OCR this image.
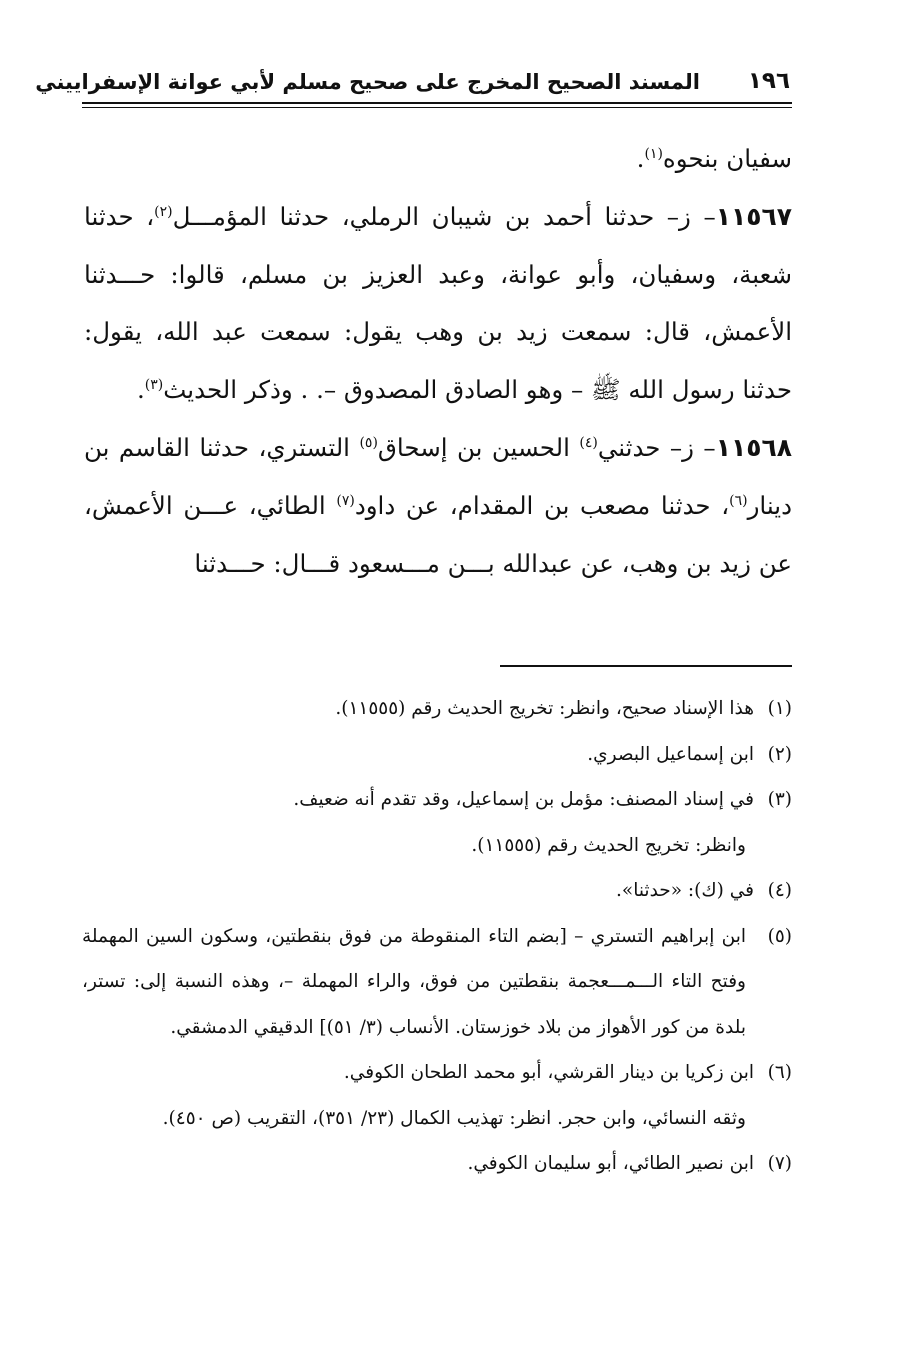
١٩٦
المسند الصحيح المخرج على صحيح مسلم لأبي عوانة الإسفراييني

سفيان بنحوه$^{(١)}$.

١١٥٦٧– ز– حدثنا أحمد بن شيبان الرملي، حدثنا المؤمـــل$^{(٢)}$، حدثنا شعبة، وسفيان، وأبو عوانة، وعبد العزيز بن مسلم، قالوا: حـــدثنا الأعمش، قال: سمعت زيد بن وهب يقول: سمعت عبد الله، يقول: حدثنا رسول الله ﷺ – وهو الصادق المصدوق –. . وذكر الحديث$^{(٣)}$.

١١٥٦٨– ز– حدثني$^{(٤)}$ الحسين بن إسحاق$^{(٥)}$ التستري، حدثنا القاسم بن دينار$^{(٦)}$، حدثنا مصعب بن المقدام، عن داود$^{(٧)}$ الطائي، عـــن الأعمش، عن زيد بن وهب، عن عبدالله بـــن مـــسعود قـــال: حـــدثنا

(١)هذا الإسناد صحيح، وانظر: تخريج الحديث رقم (١١٥٥٥).

(٢)ابن إسماعيل البصري.

(٣)في إسناد المصنف: مؤمل بن إسماعيل، وقد تقدم أنه ضعيف.

وانظر: تخريج الحديث رقم (١١٥٥٥).

(٤)في (ك): «حدثنا».

(٥)ابن إبراهيم التستري – [بضم التاء المنقوطة من فوق بنقطتين، وسكون السين المهملة وفتح التاء الـــمـــعجمة بنقطتين من فوق، والراء المهملة –، وهذه النسبة إلى: تستر، بلدة من كور الأهواز من بلاد خوزستان. الأنساب (٣/ ٥١)] الدقيقي الدمشقي.

(٦)ابن زكريا بن دينار القرشي، أبو محمد الطحان الكوفي.

وثقه النسائي، وابن حجر. انظر: تهذيب الكمال (٢٣/ ٣٥١)، التقريب (ص ٤٥٠).

(٧)ابن نصير الطائي، أبو سليمان الكوفي.
